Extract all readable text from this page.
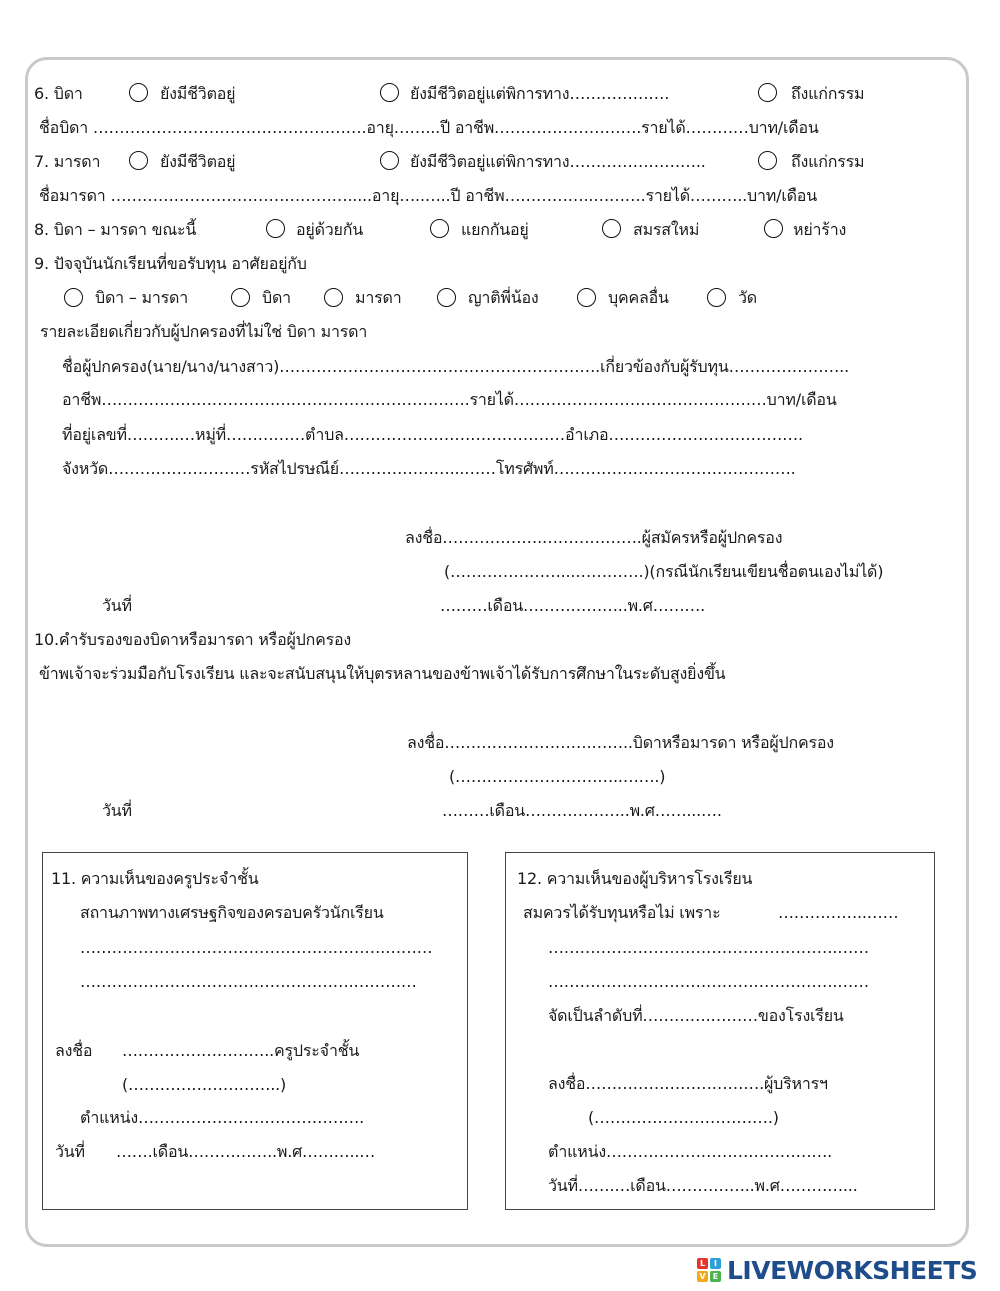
6. บิดา	ยังมีชีวิตอยู่	ยังมีชีวิตอยู่แต่พิการทาง……………….	ถึงแก่กรรม
ชื่อบิดา …………………………………………….อายุ……...ปี อาชีพ……………………….รายได้…………บาท/เดือน
7. มารดา	ยังมีชีวิตอยู่	ยังมีชีวิตอยู่แต่พิการทาง……………………..	ถึงแก่กรรม
ชื่อมารดา ……………………………………….....อายุ…..…..ปี อาชีพ……………..……….รายได้………..บาท/เดือน
8. บิดา – มารดา ขณะนี้	อยู่ด้วยกัน	แยกกันอยู่	สมรสใหม่	หย่าร้าง
9. ปัจจุบันนักเรียนที่ขอรับทุน อาศัยอยู่กับ
บิดา – มารดา	บิดา	มารดา	ญาติพี่น้อง	บุคคลอื่น	วัด
รายละเอียดเกี่ยวกับผู้ปกครองที่ไม่ใช่ บิดา มารดา
ชื่อผู้ปกครอง(นาย/นาง/นางสาว)…………………………………………………….เกี่ยวข้องกับผู้รับทุน…………………..
อาชีพ…………………………………………………………….รายได้…………………………………………บาท/เดือน
ที่อยู่เลขที่……….…หมู่ที่……………ตำบล……………………………………อำเภอ……………………………….
จังหวัด………………………รหัสไปรษณีย์…………………...……โทรศัพท์……………………………………….
ลงชื่อ……………….……………….ผู้สมัครหรือผู้ปกครอง
(…………………...………….)(กรณีนักเรียนเขียนชื่อตนเองไม่ได้)
วันที่	………เดือน………………..พ.ศ……….
10.คำรับรองของบิดาหรือมารดา หรือผู้ปกครอง
ข้าพเจ้าจะร่วมมือกับโรงเรียน และจะสนับสนุนให้บุตรหลานของข้าพเจ้าได้รับการศึกษาในระดับสูงยิ่งขึ้น
ลงชื่อ……………………….……..บิดาหรือมารดา หรือผู้ปกครอง
(…………………………..…….)
วันที่	………เดือน………………..พ.ศ……...….
11. ความเห็นของครูประจำชั้น
สถานภาพทางเศรษฐกิจของครอบครัวนักเรียน
………………………………………………….………
…………………………………………….…………
ลงชื่อ ………………………..ครูประจำชั้น
(………………………..)
ตำแหน่ง…………………………………….
วันที่ …….เดือน……………..พ.ศ………..…
12. ความเห็นของผู้บริหารโรงเรียน
สมควรได้รับทุนหรือไม่ เพราะ	……………..……
……………………………………………….……
……………………………………………….……
จัดเป็นลำดับที่………….………ของโรงเรียน
ลงชื่อ…………………………….ผู้บริหารฯ
(…………………………….)
ตำแหน่ง…………………………………….
วันที่…….…เดือน……………..พ.ศ…………...
L	I
V E LIVEWORKSHEETS
